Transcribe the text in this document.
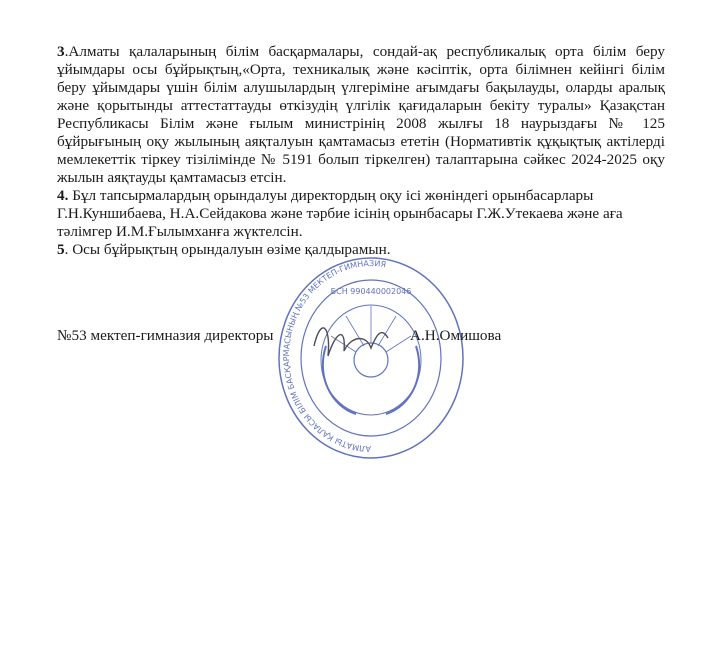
3.Алматы қалаларының білім басқармалары, сондай-ақ республикалық орта білім беру
ұйымдары осы бұйрықтың,«Орта, техникалық және кәсіптік, орта білімнен кейінгі білім
беру ұйымдары үшін білім алушылардың үлгеріміне ағымдағы бақылауды, оларды аралық
және қорытынды аттестаттауды өткізудің үлгілік қағидаларын бекіту туралы» Қазақстан
Республикасы Білім және ғылым министрінің 2008 жылғы 18 наурыздағы № 125
бұйрығының оқу жылының аяқталуын қамтамасыз ететін (Нормативтік құқықтық актілерді
мемлекеттік тіркеу тізілімінде № 5191 болып тіркелген) талаптарына сәйкес 2024-2025 оқу
жылын аяқтауды қамтамасыз етсін.
4. Бұл тапсырмалардың орындалуы директордың оқу ісі жөніндегі орынбасарлары
Г.Н.Куншибаева, Н.А.Сейдакова және тәрбие ісінің орынбасары Г.Ж.Утекаева және аға
тәлімгер И.М.Ғылымханға жүктелсін.
5. Осы бұйрықтың орындалуын өзіме қалдырамын.
АЛМАТЫ ҚАЛАСЫ БІЛІМ БАСҚАРМАСЫНЫҢ №53 МЕКТЕП-ГИМНАЗИЯ
БСН 990440002046
№53 мектеп-гимназия директоры	А.Н.Омишова
